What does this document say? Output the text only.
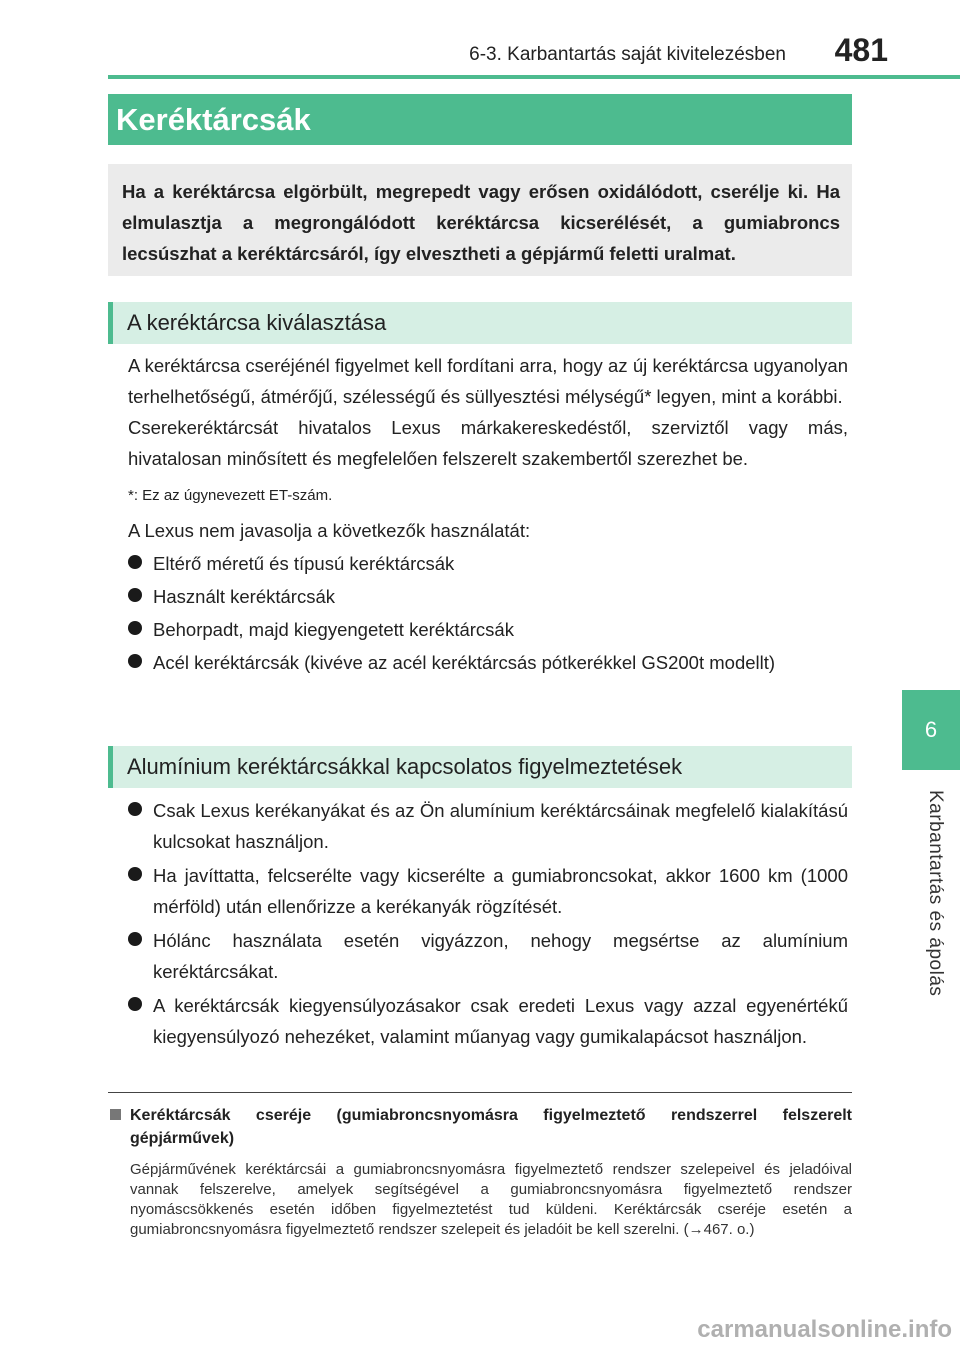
6-3. Karbantartás saját kivitelezésben 481
6
Karbantartás és ápolás
Keréktárcsák

Ha a keréktárcsa elgörbült, megrepedt vagy erősen oxidálódott, cserélje ki. Ha elmulasztja a megrongálódott keréktárcsa kicserélését, a gumiabroncs lecsúszhat a keréktárcsáról, így elvesztheti a gépjármű feletti uralmat.

A keréktárcsa kiválasztása

A keréktárcsa cseréjénél figyelmet kell fordítani arra, hogy az új keréktárcsa ugyanolyan terhelhetőségű, átmérőjű, szélességű és süllyesztési mélységű* legyen, mint a korábbi.

Cserekeréktárcsát hivatalos Lexus márkakereskedéstől, szerviztől vagy más, hivatalosan minősített és megfelelően felszerelt szakembertől szerezhet be.

*: Ez az úgynevezett ET-szám.

A Lexus nem javasolja a következők használatát:

Eltérő méretű és típusú keréktárcsák
Használt keréktárcsák
Behorpadt, majd kiegyengetett keréktárcsák
Acél keréktárcsák (kivéve az acél keréktárcsás pótkerékkel GS200t modellt)
Alumínium keréktárcsákkal kapcsolatos figyelmeztetések
Csak Lexus kerékanyákat és az Ön alumínium keréktárcsáinak megfelelő kialakítású kulcsokat használjon.
Ha javíttatta, felcserélte vagy kicserélte a gumiabroncsokat, akkor 1600 km (1000 mérföld) után ellenőrizze a kerékanyák rögzítését.
Hólánc használata esetén vigyázzon, nehogy megsértse az alumínium keréktárcsákat.
A keréktárcsák kiegyensúlyozásakor csak eredeti Lexus vagy azzal egyenértékű kiegyensúlyozó nehezéket, valamint műanyag vagy gumikalapácsot használjon.
Keréktárcsák cseréje (gumiabroncsnyomásra figyelmeztető rendszerrel felszerelt gépjárművek)
Gépjárművének keréktárcsái a gumiabroncsnyomásra figyelmeztető rendszer szelepeivel és jeladóival vannak felszerelve, amelyek segítségével a gumiabroncsnyomásra figyelmeztető rendszer nyomáscsökkenés esetén időben figyelmeztetést tud küldeni. Keréktárcsák cseréje esetén a gumiabroncsnyomásra figyelmeztető rendszer szelepeit és jeladóit be kell szerelni. (→467. o.)
carmanualsonline.info
